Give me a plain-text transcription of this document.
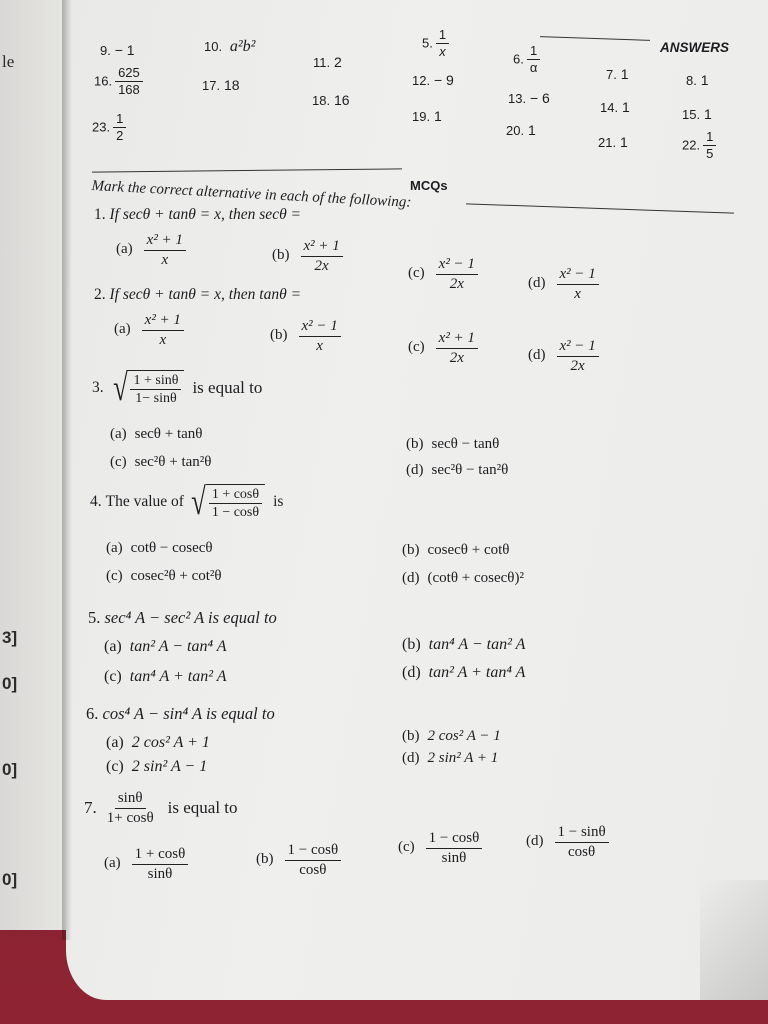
le
3]
0]
0]
0]
ANSWERS
9. − 1	10. a²b²
11. 2
5. $\frac{1}{x}$	6. $\frac{1}{\alpha}$	7. 1	8. 1
16. $\frac{625}{168}$	17. 18
18. 16
12. − 9
13. − 6
14. 1	15. 1
23. $\frac{1}{2}$	19. 1
20. 1
21. 1	22. $\frac{1}{5}$
MCQs
Mark the correct alternative in each of the following:
1. If secθ + tanθ = x, then secθ =
$(a) \frac{\text{x² + 1}}{x}$	$(b) \frac{\text{x² + 1}}{2x}$	$(c) \frac{\text{x² − 1}}{2x}$	$(d) \frac{\text{x² − 1}}{x}$
2. If secθ + tanθ = x, then tanθ =
$(a) \frac{\text{x² + 1}}{x}$	$(b) \frac{\text{x² − 1}}{x}$	$(c) \frac{\text{x² + 1}}{2x}$	$(d) \frac{\text{x² − 1}}{2x}$
3. √ $\frac{1 + \sin\theta}{1- \sin\theta}$ is equal to
(a) secθ + tanθ
(b) secθ − tanθ
(c) sec²θ + tan²θ	(d) sec²θ − tan²θ
4. The value of √ $\frac{1 + \cos\theta}{1 - \cos\theta}$ is
(a) cotθ − cosecθ	(b) cosecθ + cotθ
(c) cosec²θ + cot²θ	(d) (cotθ + cosecθ)²
5. sec⁴ A − sec² A is equal to
(a) tan² A − tan⁴ A	(b) tan⁴ A − tan² A
(c) tan⁴ A + tan² A	(d) tan² A + tan⁴ A
6. cos⁴ A − sin⁴ A is equal to
(a) 2 cos² A + 1	(b) 2 cos² A − 1
(c) 2 sin² A − 1	(d) 2 sin² A + 1
7. $\frac{\sin\theta}{1+ \cos\theta}$ is equal to
$(a) \frac{1 + \cos\theta}{\sin\theta}$	$(b) \frac{1 - \cos\theta}{\cos\theta}$	$(c) \frac{1 - \cos\theta}{\sin\theta}$	$(d) \frac{1 - \sin\theta}{\cos\theta}$
